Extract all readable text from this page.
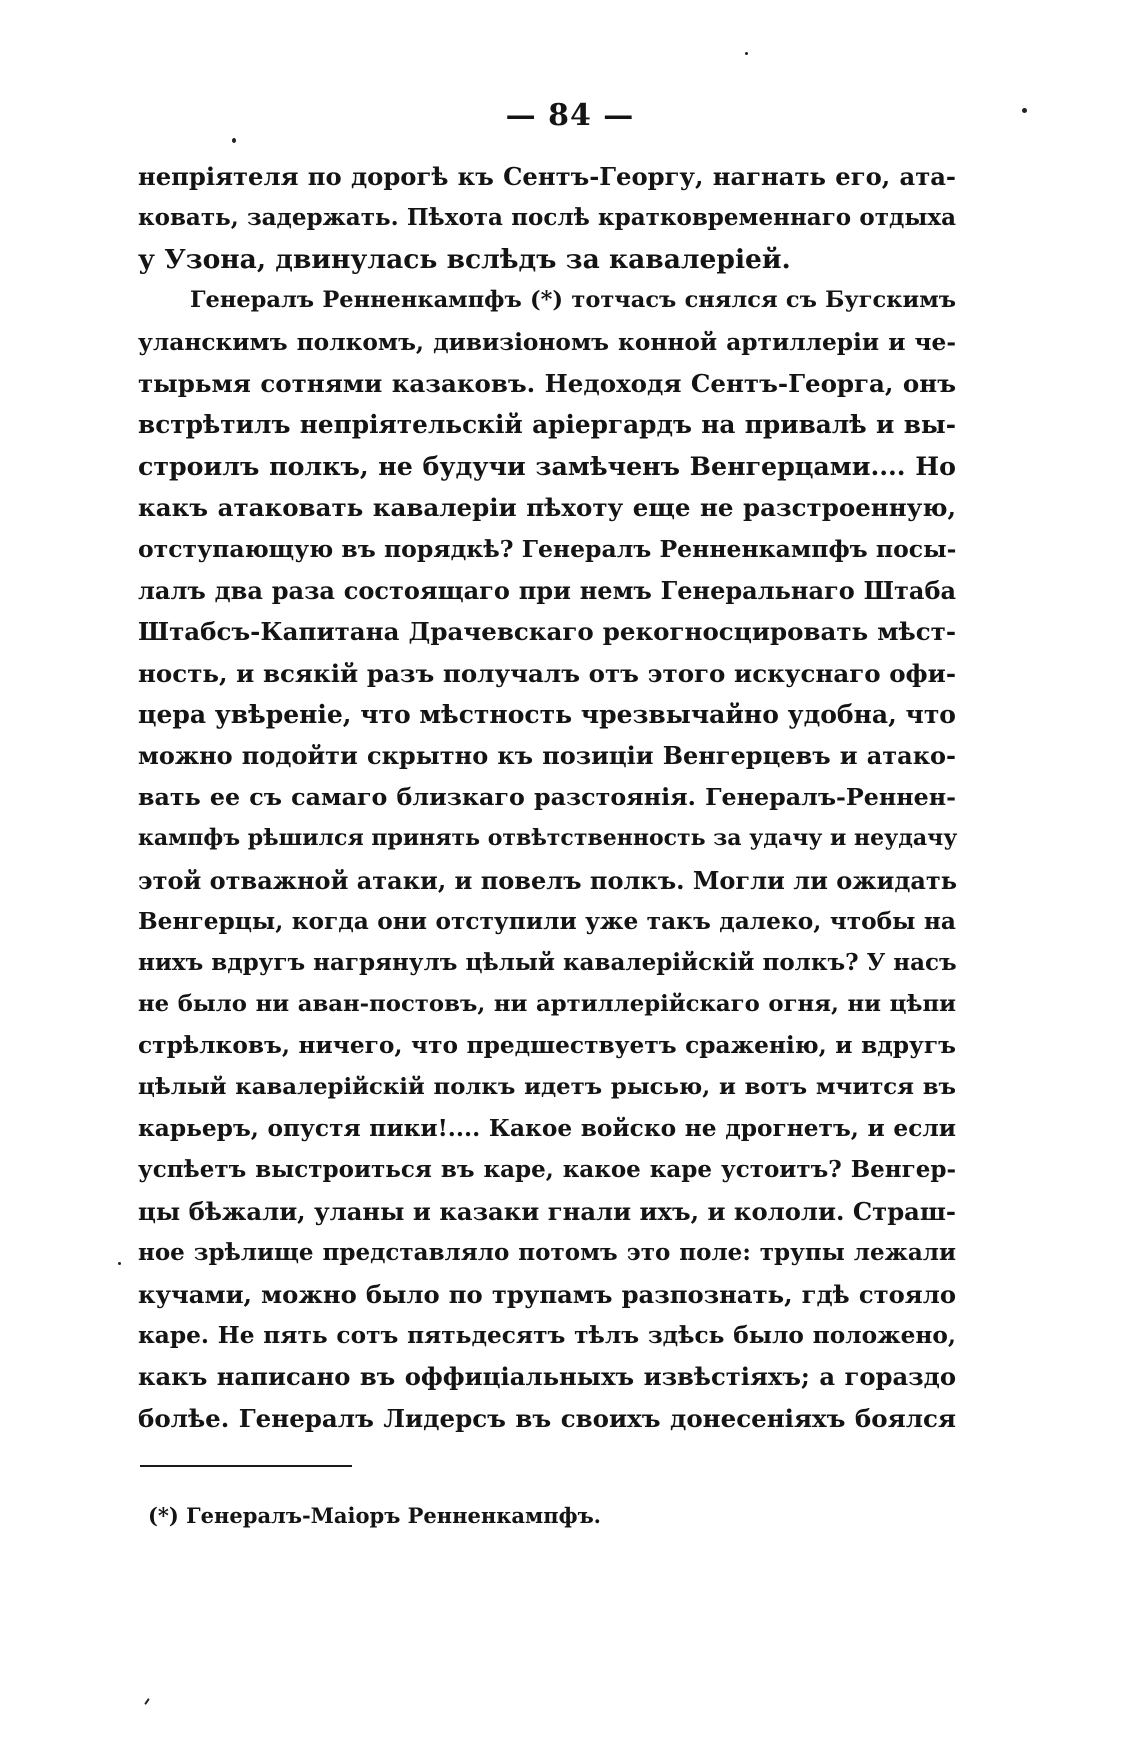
— 84 —
непріятеля по дорогѣ къ Сентъ-Георгу, нагнать его, ата-
ковать, задержать. Пѣхота послѣ кратковременнаго отдыха
у Узона, двинулась вслѣдъ за кавалеріей.
Генералъ Ренненкампфъ (*) тотчасъ снялся съ Бугскимъ
уланскимъ полкомъ, дивизіономъ конной артиллеріи и че-
тырьмя сотнями казаковъ. Недоходя Сентъ-Георга, онъ
встрѣтилъ непріятельскій аріергардъ на привалѣ и вы-
строилъ полкъ, не будучи замѣченъ Венгерцами.... Но
какъ атаковать кавалеріи пѣхоту еще не разстроенную,
отступающую въ порядкѣ? Генералъ Ренненкампфъ посы-
лалъ два раза состоящаго при немъ Генеральнаго Штаба
Штабсъ-Капитана Драчевскаго рекогносцировать мѣст-
ность, и всякій разъ получалъ отъ этого искуснаго офи-
цера увѣреніе, что мѣстность чрезвычайно удобна, что
можно подойти скрытно къ позиціи Венгерцевъ и атако-
вать ее съ самаго близкаго разстоянія. Генералъ-Реннен-
кампфъ рѣшился принять отвѣтственность за удачу и неудачу
этой отважной атаки, и повелъ полкъ. Могли ли ожидать
Венгерцы, когда они отступили уже такъ далеко, чтобы на
нихъ вдругъ нагрянулъ цѣлый кавалерійскій полкъ? У насъ
не было ни аван-постовъ, ни артиллерійскаго огня, ни цѣпи
стрѣлковъ, ничего, что предшествуетъ сраженію, и вдругъ
цѣлый кавалерійскій полкъ идетъ рысью, и вотъ мчится въ
карьеръ, опустя пики!.... Какое войско не дрогнетъ, и если
успѣетъ выстроиться въ каре, какое каре устоитъ? Венгер-
цы бѣжали, уланы и казаки гнали ихъ, и кололи. Страш-
ное зрѣлище представляло потомъ это поле: трупы лежали
кучами, можно было по трупамъ разпознать, гдѣ стояло
каре. Не пять сотъ пятьдесятъ тѣлъ здѣсь было положено,
какъ написано въ оффиціальныхъ извѣстіяхъ; а гораздо
болѣе. Генералъ Лидерсъ въ своихъ донесеніяхъ боялся
(*) Генералъ-Маіоръ Ренненкампфъ.
